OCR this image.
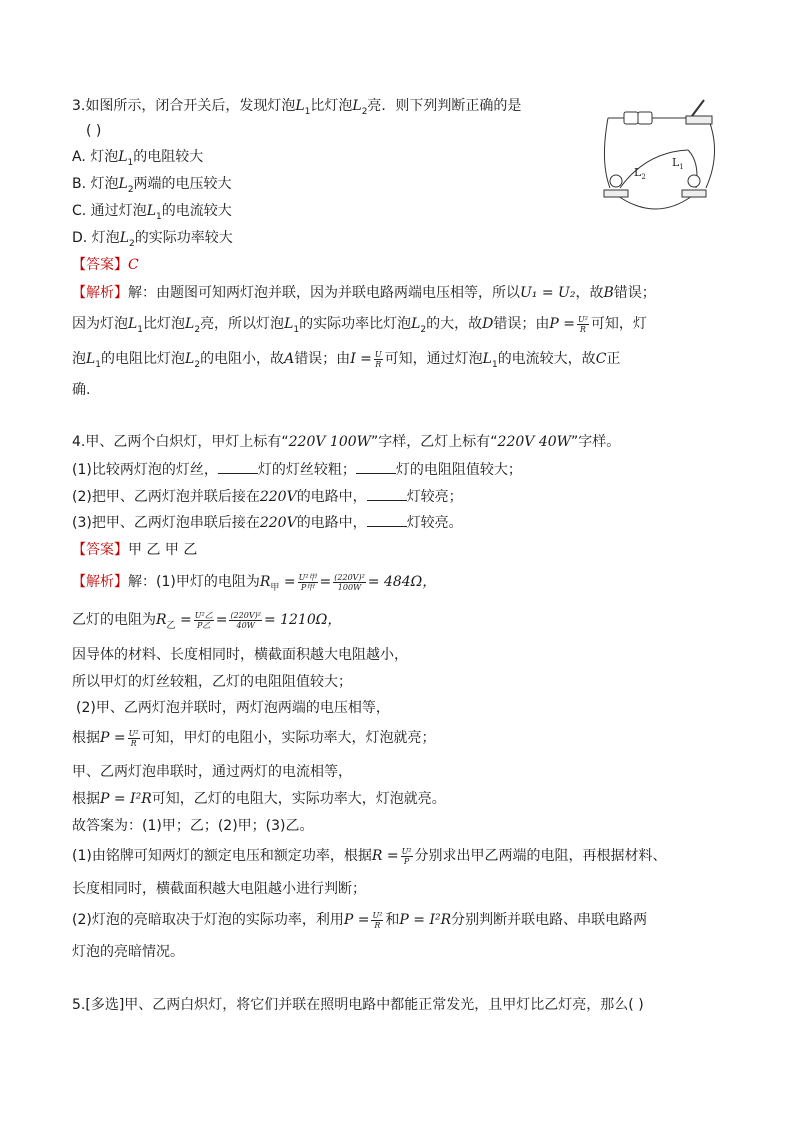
3.如图所示，闭合开关后，发现灯泡$L_1$比灯泡$L_2$亮．则下列判断正确的是
( )
A. 灯泡$L_1$的电阻较大
B. 灯泡$L_2$两端的电压较大
C. 通过灯泡$L_1$的电流较大
D. 灯泡$L_2$的实际功率较大
【答案】C
【解析】解：由题图可知两灯泡并联，因为并联电路两端电压相等，所以U₁ = U₂，故B错误；
因为灯泡$L_1$比灯泡$L_2$亮，所以灯泡$L_1$的实际功率比灯泡$L_2$的大，故D错误；由$P = \frac{\text{U²}}{R}$ 可知，灯
泡$L_1$的电阻比灯泡$L_2$的电阻小，故A错误；由$I = \frac{U}{R}$ 可知，通过灯泡$L_1$的电流较大，故C正
确.
$L_2$
$L_1$
4.甲、乙两个白炽灯，甲灯上标有“220V 100W”字样，乙灯上标有“220V 40W”字样。
(1)比较两灯泡的灯丝，	灯的灯丝较粗；	灯的电阻阻值较大；
(2)把甲、乙两灯泡并联后接在220V的电路中，	灯较亮；
(3)把甲、乙两灯泡串联后接在220V的电路中，	灯较亮。
【答案】甲 乙 甲 乙
【解析】解：(1)甲灯的电阻为$R_甲 = \frac{\text{U²甲}}{\text{P甲}} = \frac{\text{(220V)²}}{100W} = 484\Omega$，
乙灯的电阻为$R_乙 = \frac{\text{U²乙}}{\text{P乙}} = \frac{\text{(220V)²}}{40W} = 1210\Omega$，
因导体的材料、长度相同时，横截面积越大电阻越小，
所以甲灯的灯丝较粗，乙灯的电阻阻值较大；
(2)甲、乙两灯泡并联时，两灯泡两端的电压相等，
根据$P = \frac{\text{U²}}{R}$ 可知，甲灯的电阻小，实际功率大，灯泡就亮；
甲、乙两灯泡串联时，通过两灯的电流相等，
根据P = I²R可知，乙灯的电阻大，实际功率大，灯泡就亮。
故答案为：(1)甲；乙；(2)甲；(3)乙。
(1)由铭牌可知两灯的额定电压和额定功率，根据$R = \frac{\text{U²}}{P}$ 分别求出甲乙两端的电阻，再根据材料、
长度相同时，横截面积越大电阻越小进行判断；
(2)灯泡的亮暗取决于灯泡的实际功率，利用$P = \frac{\text{U²}}{R}$ 和P = I²R分别判断并联电路、串联电路两
灯泡的亮暗情况。
5.[多选]甲、乙两白炽灯，将它们并联在照明电路中都能正常发光，且甲灯比乙灯亮，那么( )
